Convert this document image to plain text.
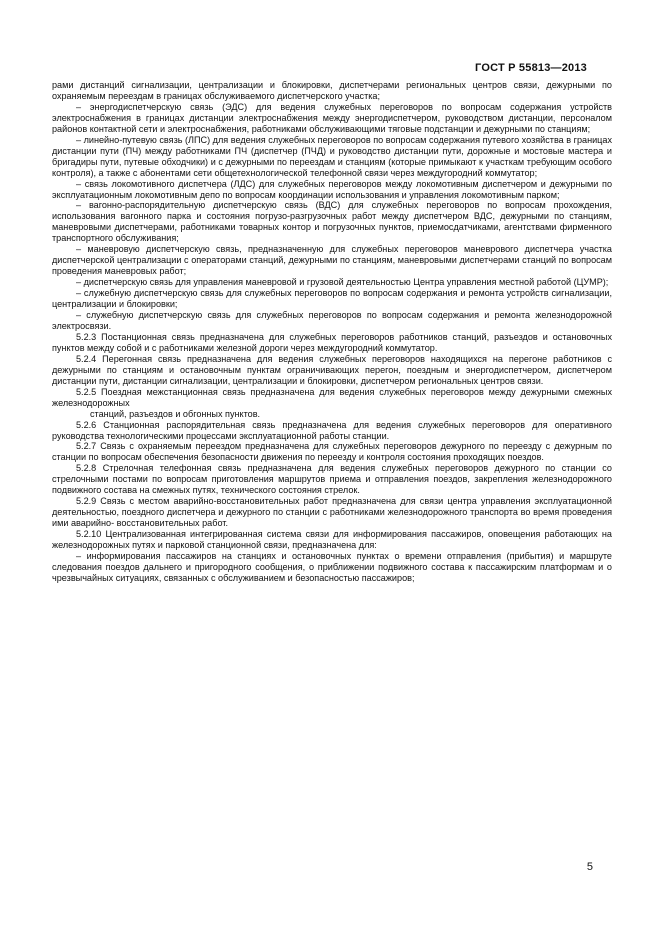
ГОСТ Р 55813—2013

рами дистанций сигнализации, централизации и блокировки, диспетчерами региональных центров связи, дежурными по охраняемым переездам в границах обслуживаемого диспетчерского участка;

– энергодиспетчерскую связь (ЭДС) для ведения служебных переговоров по вопросам содержания устройств электроснабжения в границах дистанции электроснабжения между энергодиспетчером, руководством дистанции, персоналом районов контактной сети и электроснабжения, работниками обслуживающими тяговые подстанции и дежурными по станциям;

– линейно-путевую связь (ЛПС) для ведения служебных переговоров по вопросам содержания путевого хозяйства в границах дистанции пути (ПЧ) между работниками ПЧ (диспетчер (ПЧД) и руководство дистанции пути, дорожные и мостовые мастера и бригадиры пути, путевые обходчики) и с дежурными по переездам и станциям (которые примыкают к участкам требующим особого контроля), а также с абонентами сети общетехнологической телефонной связи через междугородний коммутатор;

– связь локомотивного диспетчера (ЛДС) для служебных переговоров между локомотивным диспетчером и дежурными по эксплуатационным локомотивным депо по вопросам координации использования и управления локомотивным парком;

– вагонно-распорядительную диспетчерскую связь (ВДС) для служебных переговоров по вопросам прохождения, использования вагонного парка и состояния погрузо-разгрузочных работ между диспетчером ВДС, дежурными по станциям, маневровыми диспетчерами, работниками товарных контор и погрузочных пунктов, приемосдатчиками, агентствами фирменного транспортного обслуживания;

– маневровую диспетчерскую связь, предназначенную для служебных переговоров маневрового диспетчера участка диспетчерской централизации с операторами станций, дежурными по станциям, маневровыми диспетчерами станций по вопросам проведения маневровых работ;

– диспетчерскую связь для управления маневровой и грузовой деятельностью Центра управления местной работой (ЦУМР);

– служебную диспетчерскую связь для служебных переговоров по вопросам содержания и ремонта устройств сигнализации, централизации и блокировки;

– служебную диспетчерскую связь для служебных переговоров по вопросам содержания и ремонта железнодорожной электросвязи.

5.2.3 Постанционная связь предназначена для служебных переговоров работников станций, разъездов и остановочных пунктов между собой и с работниками железной дороги через междугородний коммутатор.

5.2.4 Перегонная связь предназначена для ведения служебных переговоров находящихся на перегоне работников с дежурными по станциям и остановочным пунктам ограничивающих перегон, поездным и энергодиспетчером, диспетчером дистанции пути, дистанции сигнализации, централизации и блокировки, диспетчером региональных центров связи.

5.2.5 Поездная межстанционная связь предназначена для ведения служебных переговоров между дежурными смежных железнодорожных

станций, разъездов и обгонных пунктов.

5.2.6 Станционная распорядительная связь предназначена для ведения служебных переговоров для оперативного руководства технологическими процессами эксплуатационной работы станции.

5.2.7 Связь с охраняемым переездом предназначена для служебных переговоров дежурного по переезду с дежурным по станции по вопросам обеспечения безопасности движения по переезду и контроля состояния проходящих поездов.

5.2.8 Стрелочная телефонная связь предназначена для ведения служебных переговоров дежурного по станции со стрелочными постами по вопросам приготовления маршрутов приема и отправления поездов, закрепления железнодорожного подвижного состава на смежных путях, технического состояния стрелок.

5.2.9 Связь с местом аварийно-восстановительных работ предназначена для связи центра управления эксплуатационной деятельностью, поездного диспетчера и дежурного по станции с работниками железнодорожного транспорта во время проведения ими аварийно- восстановительных работ.

5.2.10 Централизованная интегрированная система связи для информирования пассажиров, оповещения работающих на железнодорожных путях и парковой станционной связи, предназначена для:

– информирования пассажиров на станциях и остановочных пунктах о времени отправления (прибытия) и маршруте следования поездов дальнего и пригородного сообщения, о приближении подвижного состава к пассажирским платформам и о чрезвычайных ситуациях, связанных с обслуживанием и безопасностью пассажиров;

5
